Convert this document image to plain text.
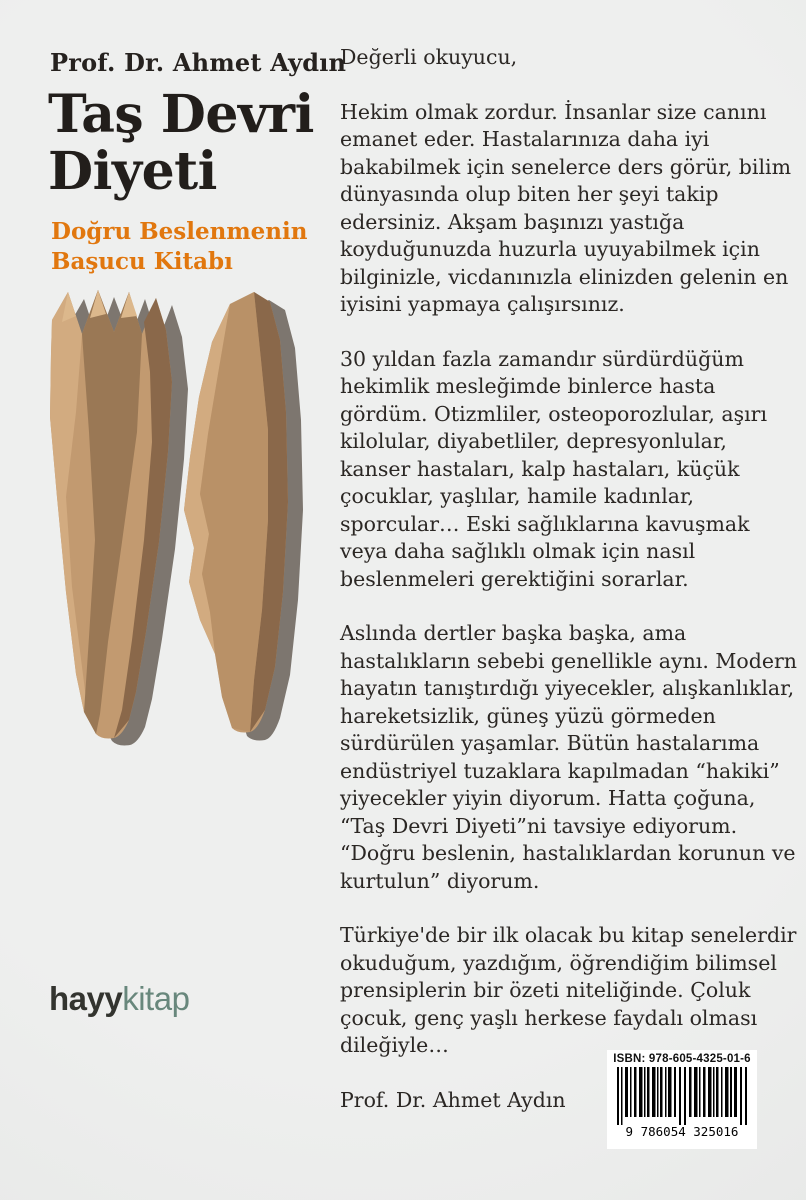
Prof. Dr. Ahmet Aydın
Taş Devri
Diyeti
Doğru Beslenmenin
Başucu Kitabı
hayykitap

Değerli okuyucu,

Hekim olmak zordur. İnsanlar size canını emanet eder. Hastalarınıza daha iyi bakabilmek için senelerce ders görür, bilim dünyasında olup biten her şeyi takip edersiniz. Akşam başınızı yastığa koyduğunuzda huzurla uyuyabilmek için bilginizle, vicdanınızla elinizden gelenin en iyisini yapmaya çalışırsınız.

30 yıldan fazla zamandır sürdürdüğüm hekimlik mesleğimde binlerce hasta gördüm. Otizmliler, osteoporozlular, aşırı kilolular, diyabetliler, depresyonlular, kanser hastaları, kalp hastaları, küçük çocuklar, yaşlılar, hamile kadınlar, sporcular… Eski sağlıklarına kavuşmak veya daha sağlıklı olmak için nasıl beslenmeleri gerektiğini sorarlar.

Aslında dertler başka başka, ama hastalıkların sebebi genellikle aynı. Modern hayatın tanıştırdığı yiyecekler, alışkanlıklar, hareketsizlik, güneş yüzü görmeden sürdürülen yaşamlar. Bütün hastalarıma endüstriyel tuzaklara kapılmadan “hakiki” yiyecekler yiyin diyorum. Hatta çoğuna, “Taş Devri Diyeti”ni tavsiye ediyorum. “Doğru beslenin, hastalıklardan korunun ve kurtulun” diyorum.

Türkiye'de bir ilk olacak bu kitap senelerdir okuduğum, yazdığım, öğrendiğim bilimsel prensiplerin bir özeti niteliğinde. Çoluk çocuk, genç yaşlı herkese faydalı olması dileğiyle…

Prof. Dr. Ahmet Aydın

ISBN: 978-605-4325-01-6
9 786054 325016
